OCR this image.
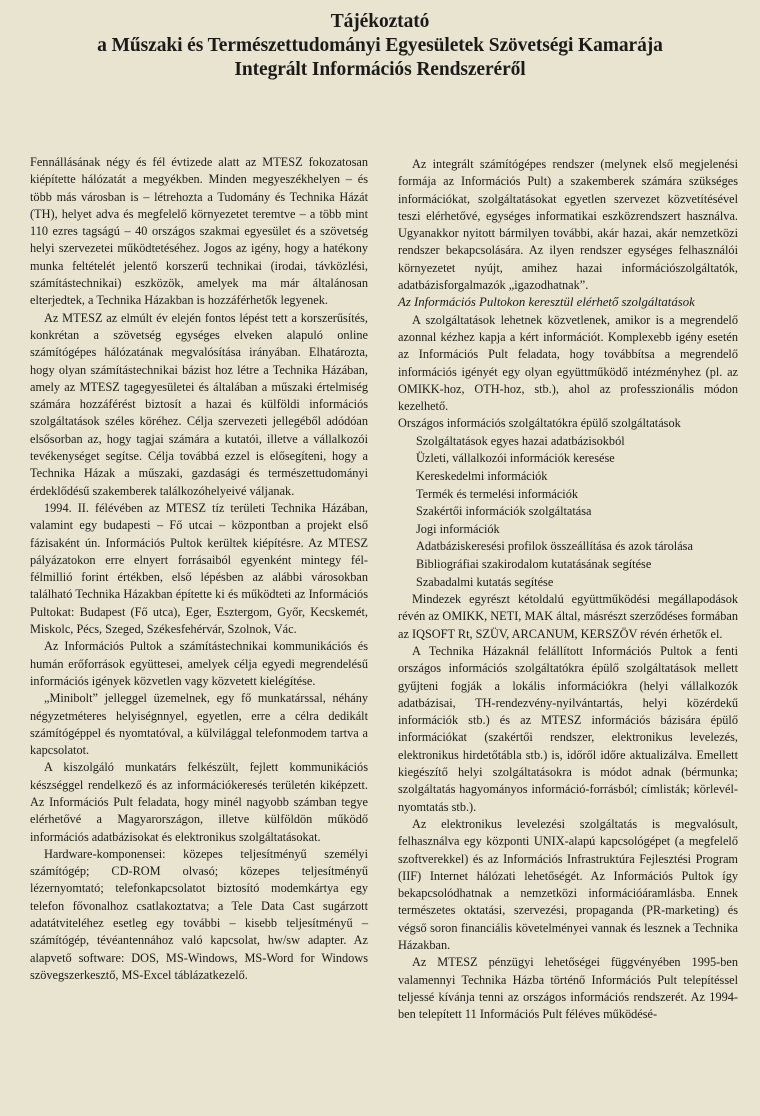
Tájékoztató
a Műszaki és Természettudományi Egyesületek Szövetségi Kamarája
Integrált Információs Rendszeréről

Fennállásának négy és fél évtizede alatt az MTESZ fokozatosan kiépítette hálózatát a megyékben. Minden megyeszékhelyen – és több más városban is – létrehozta a Tudomány és Technika Házát (TH), helyet adva és megfelelő környezetet teremtve – a több mint 110 ezres tagságú – 40 országos szakmai egyesület és a szövetség helyi szervezetei működtetéséhez. Jogos az igény, hogy a hatékony munka feltételét jelentő korszerű technikai (irodai, távközlési, számítástechnikai) eszközök, amelyek ma már általánosan elterjedtek, a Technika Házakban is hozzáférhetők legyenek.

Az MTESZ az elmúlt év elején fontos lépést tett a korszerűsítés, konkrétan a szövetség egységes elveken alapuló online számítógépes hálózatának megvalósítása irányában. Elhatározta, hogy olyan számítástechnikai bázist hoz létre a Technika Házában, amely az MTESZ tagegyesületei és általában a műszaki értelmiség számára hozzáférést biztosít a hazai és külföldi információs szolgáltatások széles köréhez. Célja szervezeti jellegéből adódóan elsősorban az, hogy tagjai számára a kutatói, illetve a vállalkozói tevékenységet segítse. Célja továbbá ezzel is elősegíteni, hogy a Technika Házak a műszaki, gazdasági és természettudományi érdeklődésű szakemberek találkozóhelyeivé váljanak.

1994. II. félévében az MTESZ tíz területi Technika Házában, valamint egy budapesti – Fő utcai – központban a projekt első fázisaként ún. Információs Pultok kerültek kiépítésre. Az MTESZ pályázatokon erre elnyert forrásaiból egyenként mintegy fél-félmillió forint értékben, első lépésben az alábbi városokban található Technika Házakban építette ki és működteti az Információs Pultokat: Budapest (Fő utca), Eger, Esztergom, Győr, Kecskemét, Miskolc, Pécs, Szeged, Székesfehérvár, Szolnok, Vác.

Az Információs Pultok a számítástechnikai kommunikációs és humán erőforrások együttesei, amelyek célja egyedi megrendelésű információs igények közvetlen vagy közvetett kielégítése.

„Minibolt” jelleggel üzemelnek, egy fő munkatárssal, néhány négyzetméteres helyiségnnyel, egyetlen, erre a célra dedikált számítógéppel és nyomtatóval, a külvilággal telefonmodem tartva a kapcsolatot.

A kiszolgáló munkatárs felkészült, fejlett kommunikációs készséggel rendelkező és az információkeresés területén kiképzett. Az Információs Pult feladata, hogy minél nagyobb számban tegye elérhetővé a Magyarországon, illetve külföldön működő információs adatbázisokat és elektronikus szolgáltatásokat.

Hardware-komponensei: közepes teljesítményű személyi számítógép; CD-ROM olvasó; közepes teljesítményű lézernyomtató; telefonkapcsolatot biztosító modemkártya egy telefon fővonalhoz csatlakoztatva; a Tele Data Cast sugárzott adatátviteléhez esetleg egy további – kisebb teljesítményű – számítógép, tévéantennához való kapcsolat, hw/sw adapter. Az alapvető software: DOS, MS-Windows, MS-Word for Windows szövegszerkesztő, MS-Excel táblázatkezelő.

Az integrált számítógépes rendszer (melynek első megjelenési formája az Információs Pult) a szakemberek számára szükséges információkat, szolgáltatásokat egyetlen szervezet közvetítésével teszi elérhetővé, egységes informatikai eszközrendszert használva. Ugyanakkor nyitott bármilyen további, akár hazai, akár nemzetközi rendszer bekapcsolására. Az ilyen rendszer egységes felhasználói környezetet nyújt, amihez hazai információszolgáltatók, adatbázisforgalmazók „igazodhatnak”.

Az Információs Pultokon keresztül elérhető szolgáltatások

A szolgáltatások lehetnek közvetlenek, amikor is a megrendelő azonnal kézhez kapja a kért információt. Komplexebb igény esetén az Információs Pult feladata, hogy továbbítsa a megrendelő információs igényét egy olyan együttműködő intézményhez (pl. az OMIKK-hoz, OTH-hoz, stb.), ahol az professzionális módon kezelhető.

Országos információs szolgáltatókra épülő szolgáltatások

Szolgáltatások egyes hazai adatbázisokból
Üzleti, vállalkozói információk keresése
Kereskedelmi információk
Termék és termelési információk
Szakértői információk szolgáltatása
Jogi információk
Adatbáziskeresési profilok összeállítása és azok tárolása
Bibliográfiai szakirodalom kutatásának segítése
Szabadalmi kutatás segítése

Mindezek egyrészt kétoldalú együttműködési megállapodások révén az OMIKK, NETI, MAK által, másrészt szerződéses formában az IQSOFT Rt, SZÜV, ARCANUM, KERSZÖV révén érhetők el.

A Technika Házaknál felállított Információs Pultok a fenti országos információs szolgáltatókra épülő szolgáltatások mellett gyűjteni fogják a lokális információkra (helyi vállalkozók adatbázisai, TH-rendezvény-nyilvántartás, helyi közérdekű információk stb.) és az MTESZ információs bázisára épülő információkat (szakértői rendszer, elektronikus levelezés, elektronikus hirdetőtábla stb.) is, időről időre aktualizálva. Emellett kiegészítő helyi szolgáltatásokra is módot adnak (bérmunka; szolgáltatás hagyományos információ-forrásból; címlisták; körlevél-nyomtatás stb.).

Az elektronikus levelezési szolgáltatás is megvalósult, felhasználva egy központi UNIX-alapú kapcsológépet (a megfelelő szoftverekkel) és az Információs Infrastruktúra Fejlesztési Program (IIF) Internet hálózati lehetőségét. Az Információs Pultok így bekapcsolódhatnak a nemzetközi információáramlásba. Ennek természetes oktatási, szervezési, propaganda (PR-marketing) és végső soron financiális követelményei vannak és lesznek a Technika Házakban.

Az MTESZ pénzügyi lehetőségei függvényében 1995-ben valamennyi Technika Házba történő Információs Pult telepítéssel teljessé kívánja tenni az országos információs rendszerét. Az 1994-ben telepített 11 Információs Pult féléves működésé-
